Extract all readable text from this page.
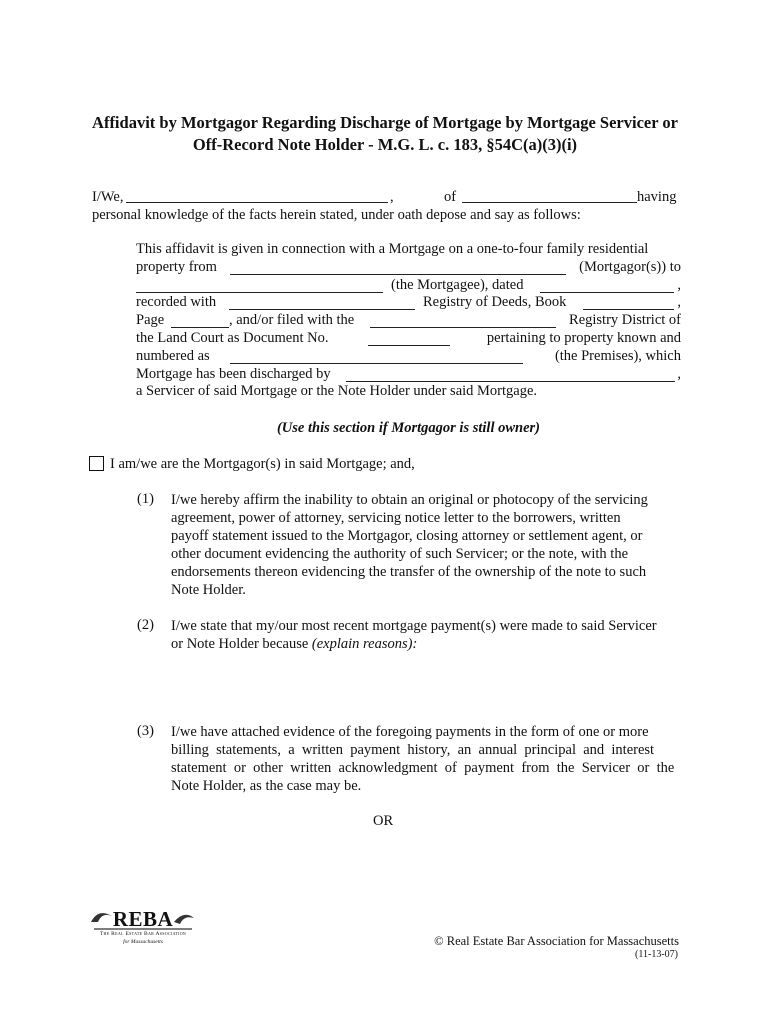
Affidavit by Mortgagor Regarding Discharge of Mortgage by Mortgage Servicer or
Off-Record Note Holder - M.G. L. c. 183, §54C(a)(3)(i)
I/We,	,	of	having
personal knowledge of the facts herein stated, under oath depose and say as follows:
This affidavit is given in connection with a Mortgage on a one-to-four family residential
property from	(Mortgagor(s)) to
(the Mortgagee), dated	,
recorded with	Registry of Deeds, Book	,
Page	, and/or filed with the	Registry District of
the Land Court as Document No.	pertaining to property known and
numbered as	(the Premises), which
Mortgage has been discharged by	,
a Servicer of said Mortgage or the Note Holder under said Mortgage.
(Use this section if Mortgagor is still owner)
I am/we are the Mortgagor(s) in said Mortgage; and,
(1) I/we hereby affirm the inability to obtain an original or photocopy of the servicing
agreement, power of attorney, servicing notice letter to the borrowers, written
payoff statement issued to the Mortgagor, closing attorney or settlement agent, or
other document evidencing the authority of such Servicer; or the note, with the
endorsements thereon evidencing the transfer of the ownership of the note to such
Note Holder.
(2) I/we state that my/our most recent mortgage payment(s) were made to said Servicer
or Note Holder because (explain reasons):
(3) I/we have attached evidence of the foregoing payments in the form of one or more
billing  statements,  a  written  payment  history,  an  annual  principal  and  interest
statement  or  other  written  acknowledgment  of  payment  from  the  Servicer  or  the
Note Holder, as the case may be.
OR
REBA
The Real Estate Bar Association
for Massachusetts	© Real Estate Bar Association for Massachusetts
(11-13-07)
